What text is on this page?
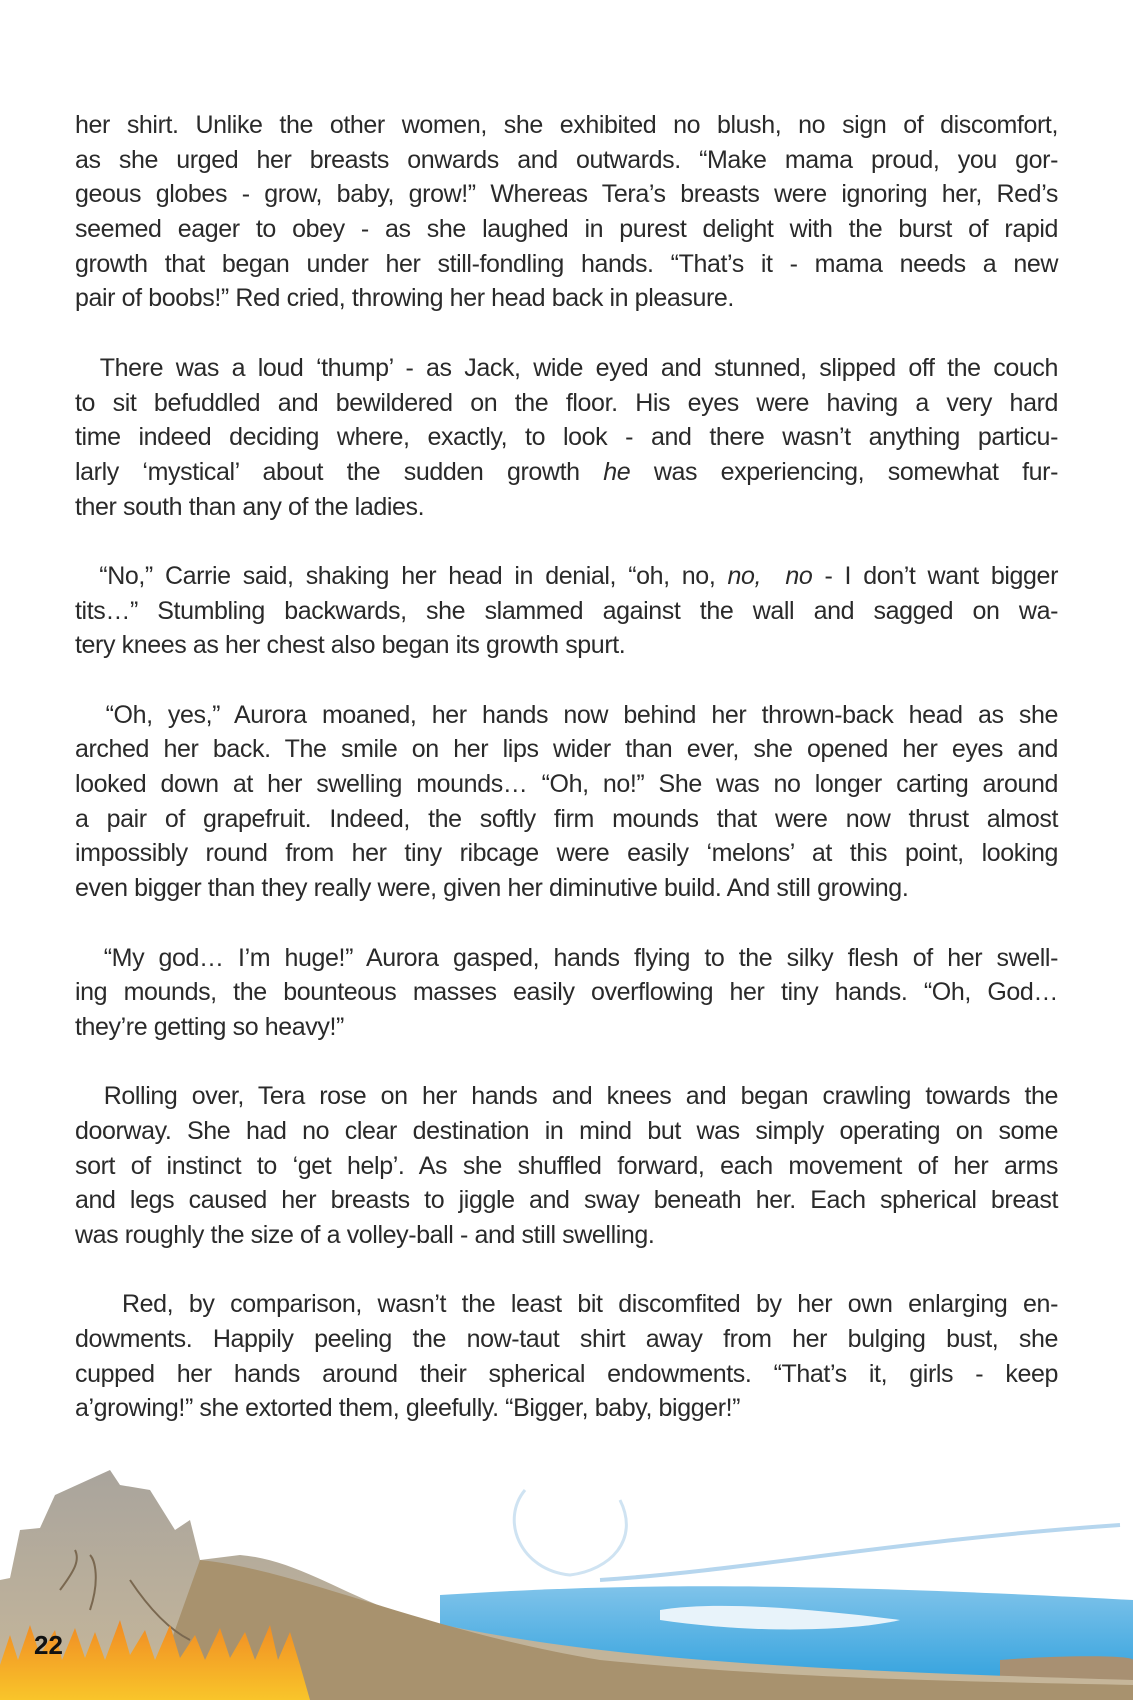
her shirt. Unlike the other women, she exhibited no blush, no sign of discomfort,
as she urged her breasts onwards and outwards. “Make mama proud, you gor-
geous globes - grow, baby, grow!” Whereas Tera’s breasts were ignoring her, Red’s
seemed eager to obey - as she laughed in purest delight with the burst of rapid
growth that began under her still-fondling hands. “That’s it - mama needs a new
pair of boobs!” Red cried, throwing her head back in pleasure.
There was a loud ‘thump’ - as Jack, wide eyed and stunned, slipped off the couch
to sit befuddled and bewildered on the floor. His eyes were having a very hard
time indeed deciding where, exactly, to look - and there wasn’t anything particu-
larly ‘mystical’ about the sudden growth he was experiencing, somewhat fur-
ther south than any of the ladies.
“No,” Carrie said, shaking her head in denial, “oh, no, no, no - I don’t want bigger
tits…” Stumbling backwards, she slammed against the wall and sagged on wa-
tery knees as her chest also began its growth spurt.
“Oh, yes,” Aurora moaned, her hands now behind her thrown-back head as she
arched her back. The smile on her lips wider than ever, she opened her eyes and
looked down at her swelling mounds… “Oh, no!” She was no longer carting around
a pair of grapefruit. Indeed, the softly firm mounds that were now thrust almost
impossibly round from her tiny ribcage were easily ‘melons’ at this point, looking
even bigger than they really were, given her diminutive build. And still growing.
“My god… I’m huge!” Aurora gasped, hands flying to the silky flesh of her swell-
ing mounds, the bounteous masses easily overflowing her tiny hands. “Oh, God…
they’re getting so heavy!”
Rolling over, Tera rose on her hands and knees and began crawling towards the
doorway. She had no clear destination in mind but was simply operating on some
sort of instinct to ‘get help’. As she shuffled forward, each movement of her arms
and legs caused her breasts to jiggle and sway beneath her. Each spherical breast
was roughly the size of a volley-ball - and still swelling.
Red, by comparison, wasn’t the least bit discomfited by her own enlarging en-
dowments. Happily peeling the now-taut shirt away from her bulging bust, she
cupped her hands around their spherical endowments. “That’s it, girls - keep
a’growing!” she extorted them, gleefully. “Bigger, baby, bigger!”
22
